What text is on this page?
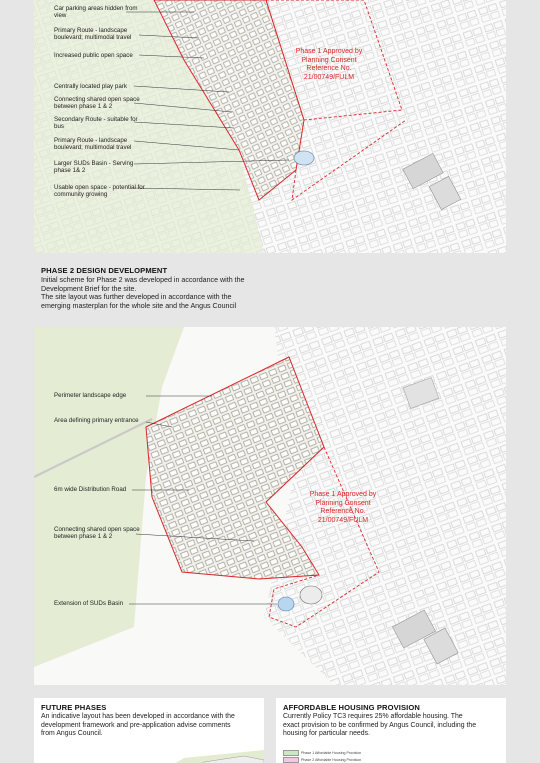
Car parking areas hidden from view
Primary Route - landscape boulevard; multimodal travel
Increased public open space
Centrally located play park
Connecting shared open space between phase 1 & 2
Secondary Route - suitable for bus
Primary Route - landscape boulevard; multimodal travel
Larger SUDs Basin - Serving phase 1& 2
Usable open space - potential for community growing
Phase 1 Approved by Planning Consent Reference No. 21/00749/FULM
PHASE 2 DESIGN DEVELOPMENT
Initial scheme for Phase 2 was developed in accordance with the
Development Brief for the site.
The site layout was further developed in accordance with the
emerging masterplan for the whole site and the Angus Council
Perimeter landscape edge
Area defining primary entrance
6m wide Distribution Road
Connecting shared open space between phase 1 & 2
Extension of SUDs Basin
Phase 1 Approved by Planning Consent Reference No. 21/00749/FULM
FUTURE PHASES
An indicative layout has been developed in accordance with the
development framework and pre-application advise comments
from Angus Council.
AFFORDABLE HOUSING PROVISION
Currently Policy TC3 requires 25% affordable housing. The
exact provision to be confirmed by Angus Council, including the
housing for particular needs.
Phase 1 Affordable Housing Provision
Phase 2 Affordable Housing Provision
